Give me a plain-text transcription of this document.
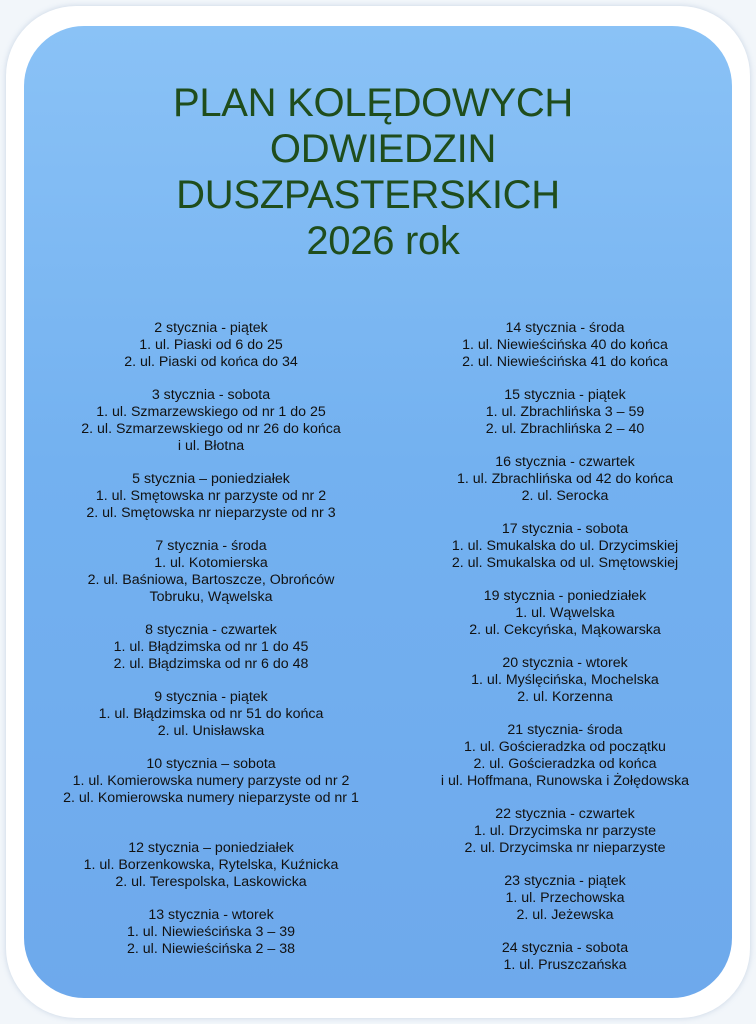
PLAN KOLĘDOWYCH
ODWIEDZIN
DUSZPASTERSKICH
2026 rok
2 stycznia - piątek
1. ul. Piaski od 6 do 25
2. ul. Piaski od końca do 34
3 stycznia - sobota
1. ul. Szmarzewskiego od nr 1 do 25
2. ul. Szmarzewskiego od nr 26 do końca
i ul. Błotna
5 stycznia – poniedziałek
1. ul. Smętowska nr parzyste od nr 2
2. ul. Smętowska nr nieparzyste od nr 3
7 stycznia - środa
1. ul. Kotomierska
2. ul. Baśniowa, Bartoszcze, Obrońców
Tobruku, Wąwelska
8 stycznia - czwartek
1. ul. Błądzimska od nr 1 do 45
2. ul. Błądzimska od nr 6 do 48
9 stycznia - piątek
1. ul. Błądzimska od nr 51 do końca
2. ul. Unisławska
10 stycznia – sobota
1. ul. Komierowska numery parzyste od nr 2
2. ul. Komierowska numery nieparzyste od nr 1
12 stycznia – poniedziałek
1. ul. Borzenkowska, Rytelska, Kuźnicka
2. ul. Terespolska, Laskowicka
13 stycznia - wtorek
1. ul. Niewieścińska 3 – 39
2. ul. Niewieścińska 2 – 38
14 stycznia - środa
1. ul. Niewieścińska 40 do końca
2. ul. Niewieścińska 41 do końca
15 stycznia - piątek
1. ul. Zbrachlińska 3 – 59
2. ul. Zbrachlińska 2 – 40
16 stycznia - czwartek
1. ul. Zbrachlińska od 42 do końca
2. ul. Serocka
17 stycznia - sobota
1. ul. Smukalska do ul. Drzycimskiej
2. ul. Smukalska od ul. Smętowskiej
19 stycznia - poniedziałek
1. ul. Wąwelska
2. ul. Cekcyńska, Mąkowarska
20 stycznia - wtorek
1. ul. Myślęcińska, Mochelska
2. ul. Korzenna
21 stycznia- środa
1. ul. Gościeradzka od początku
2. ul. Gościeradzka od końca
i ul. Hoffmana, Runowska i Żołędowska
22 stycznia - czwartek
1. ul. Drzycimska nr parzyste
2. ul. Drzycimska nr nieparzyste
23 stycznia - piątek
1. ul. Przechowska
2. ul. Jeżewska
24 stycznia - sobota
1. ul. Pruszczańska
